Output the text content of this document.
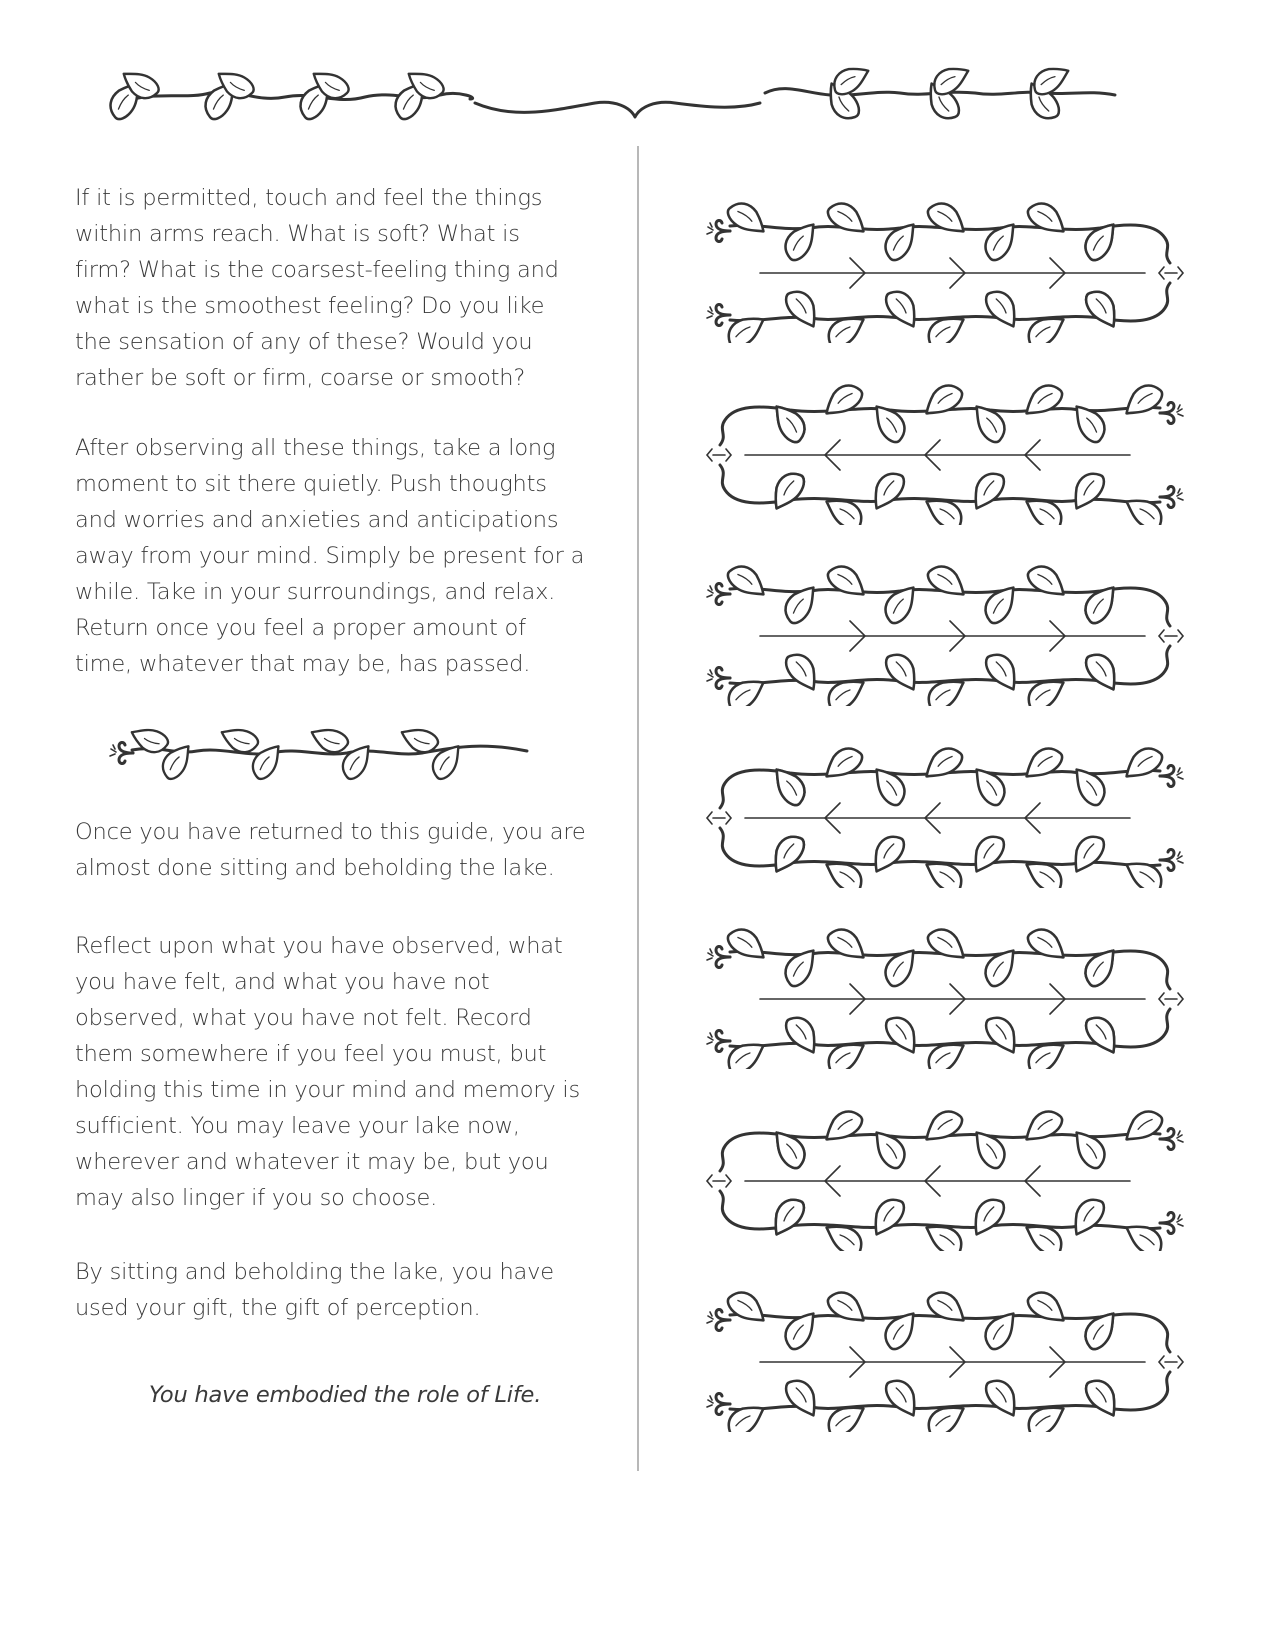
If it is permitted, touch and feel the things
within arms reach. What is soft? What is
firm? What is the coarsest-feeling thing and
what is the smoothest feeling? Do you like
the sensation of any of these? Would you
rather be soft or firm, coarse or smooth?

After observing all these things, take a long
moment to sit there quietly. Push thoughts
and worries and anxieties and anticipations
away from your mind. Simply be present for a
while. Take in your surroundings, and relax.
Return once you feel a proper amount of
time, whatever that may be, has passed.

Once you have returned to this guide, you are
almost done sitting and beholding the lake.

Reflect upon what you have observed, what
you have felt, and what you have not
observed, what you have not felt. Record
them somewhere if you feel you must, but
holding this time in your mind and memory is
sufficient. You may leave your lake now,
wherever and whatever it may be, but you
may also linger if you so choose.

By sitting and beholding the lake, you have
used your gift, the gift of perception.

You have embodied the role of Life.
